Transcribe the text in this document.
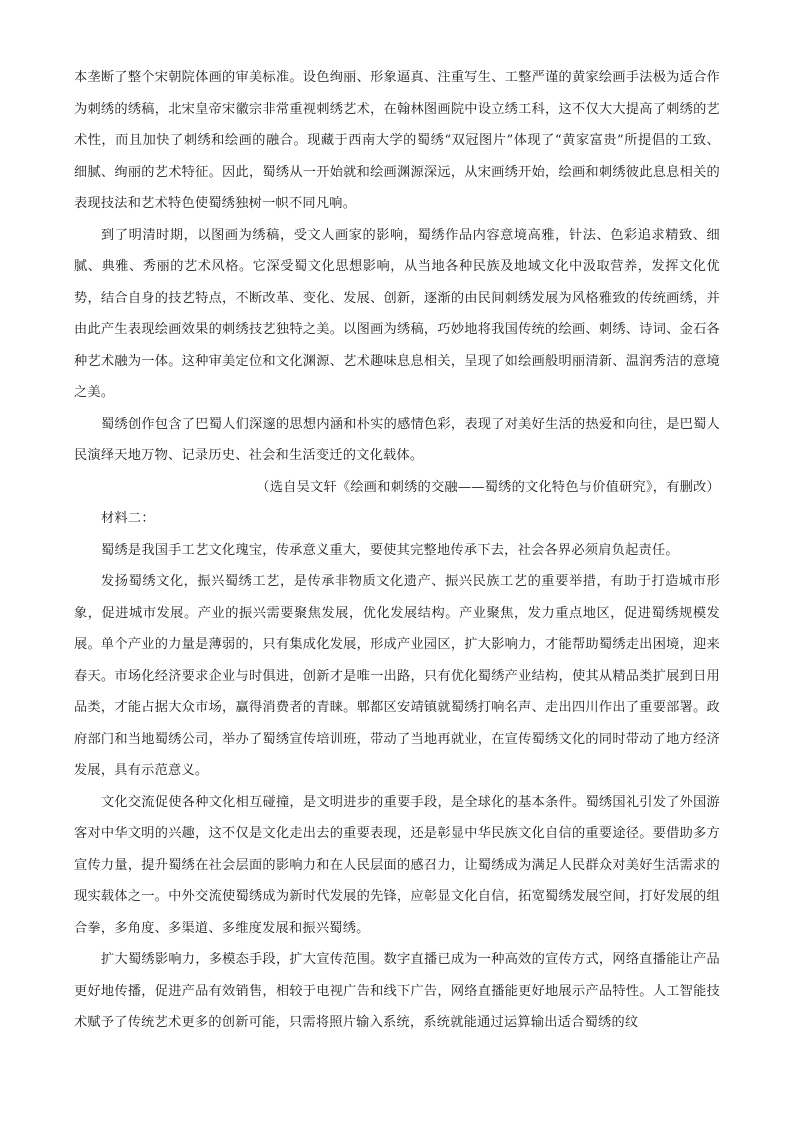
本垄断了整个宋朝院体画的审美标准。设色绚丽、形象逼真、注重写生、工整严谨的黄家绘画手法极为适合作为刺绣的绣稿，北宋皇帝宋徽宗非常重视刺绣艺术，在翰林图画院中设立绣工科，这不仅大大提高了刺绣的艺术性，而且加快了刺绣和绘画的融合。现藏于西南大学的蜀绣“双冠图片”体现了“黄家富贵”所提倡的工致、细腻、绚丽的艺术特征。因此，蜀绣从一开始就和绘画渊源深远，从宋画绣开始，绘画和刺绣彼此息息相关的表现技法和艺术特色使蜀绣独树一帜不同凡响。

到了明清时期，以图画为绣稿，受文人画家的影响，蜀绣作品内容意境高雅，针法、色彩追求精致、细腻、典雅、秀丽的艺术风格。它深受蜀文化思想影响，从当地各种民族及地域文化中汲取营养，发挥文化优势，结合自身的技艺特点，不断改革、变化、发展、创新，逐渐的由民间刺绣发展为风格雅致的传统画绣，并由此产生表现绘画效果的刺绣技艺独特之美。以图画为绣稿，巧妙地将我国传统的绘画、刺绣、诗词、金石各种艺术融为一体。这种审美定位和文化渊源、艺术趣味息息相关，呈现了如绘画般明丽清新、温润秀洁的意境之美。

蜀绣创作包含了巴蜀人们深邃的思想内涵和朴实的感情色彩，表现了对美好生活的热爱和向往，是巴蜀人民演绎天地万物、记录历史、社会和生活变迁的文化载体。

（选自吴文轩《绘画和刺绣的交融——蜀绣的文化特色与价值研究》，有删改）

材料二：

蜀绣是我国手工艺文化瑰宝，传承意义重大，要使其完整地传承下去，社会各界必须肩负起责任。

发扬蜀绣文化，振兴蜀绣工艺，是传承非物质文化遗产、振兴民族工艺的重要举措，有助于打造城市形象，促进城市发展。产业的振兴需要聚焦发展，优化发展结构。产业聚焦，发力重点地区，促进蜀绣规模发展。单个产业的力量是薄弱的，只有集成化发展，形成产业园区，扩大影响力，才能帮助蜀绣走出困境，迎来春天。市场化经济要求企业与时俱进，创新才是唯一出路，只有优化蜀绣产业结构，使其从精品类扩展到日用品类，才能占据大众市场，赢得消费者的青睐。郫都区安靖镇就蜀绣打响名声、走出四川作出了重要部署。政府部门和当地蜀绣公司，举办了蜀绣宣传培训班，带动了当地再就业，在宣传蜀绣文化的同时带动了地方经济发展，具有示范意义。

文化交流促使各种文化相互碰撞，是文明进步的重要手段，是全球化的基本条件。蜀绣国礼引发了外国游客对中华文明的兴趣，这不仅是文化走出去的重要表现，还是彰显中华民族文化自信的重要途径。要借助多方宣传力量，提升蜀绣在社会层面的影响力和在人民层面的感召力，让蜀绣成为满足人民群众对美好生活需求的现实载体之一。中外交流使蜀绣成为新时代发展的先锋，应彰显文化自信，拓宽蜀绣发展空间，打好发展的组合拳，多角度、多渠道、多维度发展和振兴蜀绣。

扩大蜀绣影响力，多模态手段，扩大宣传范围。数字直播已成为一种高效的宣传方式，网络直播能让产品更好地传播，促进产品有效销售，相较于电视广告和线下广告，网络直播能更好地展示产品特性。人工智能技术赋予了传统艺术更多的创新可能，只需将照片输入系统，系统就能通过运算输出适合蜀绣的纹
